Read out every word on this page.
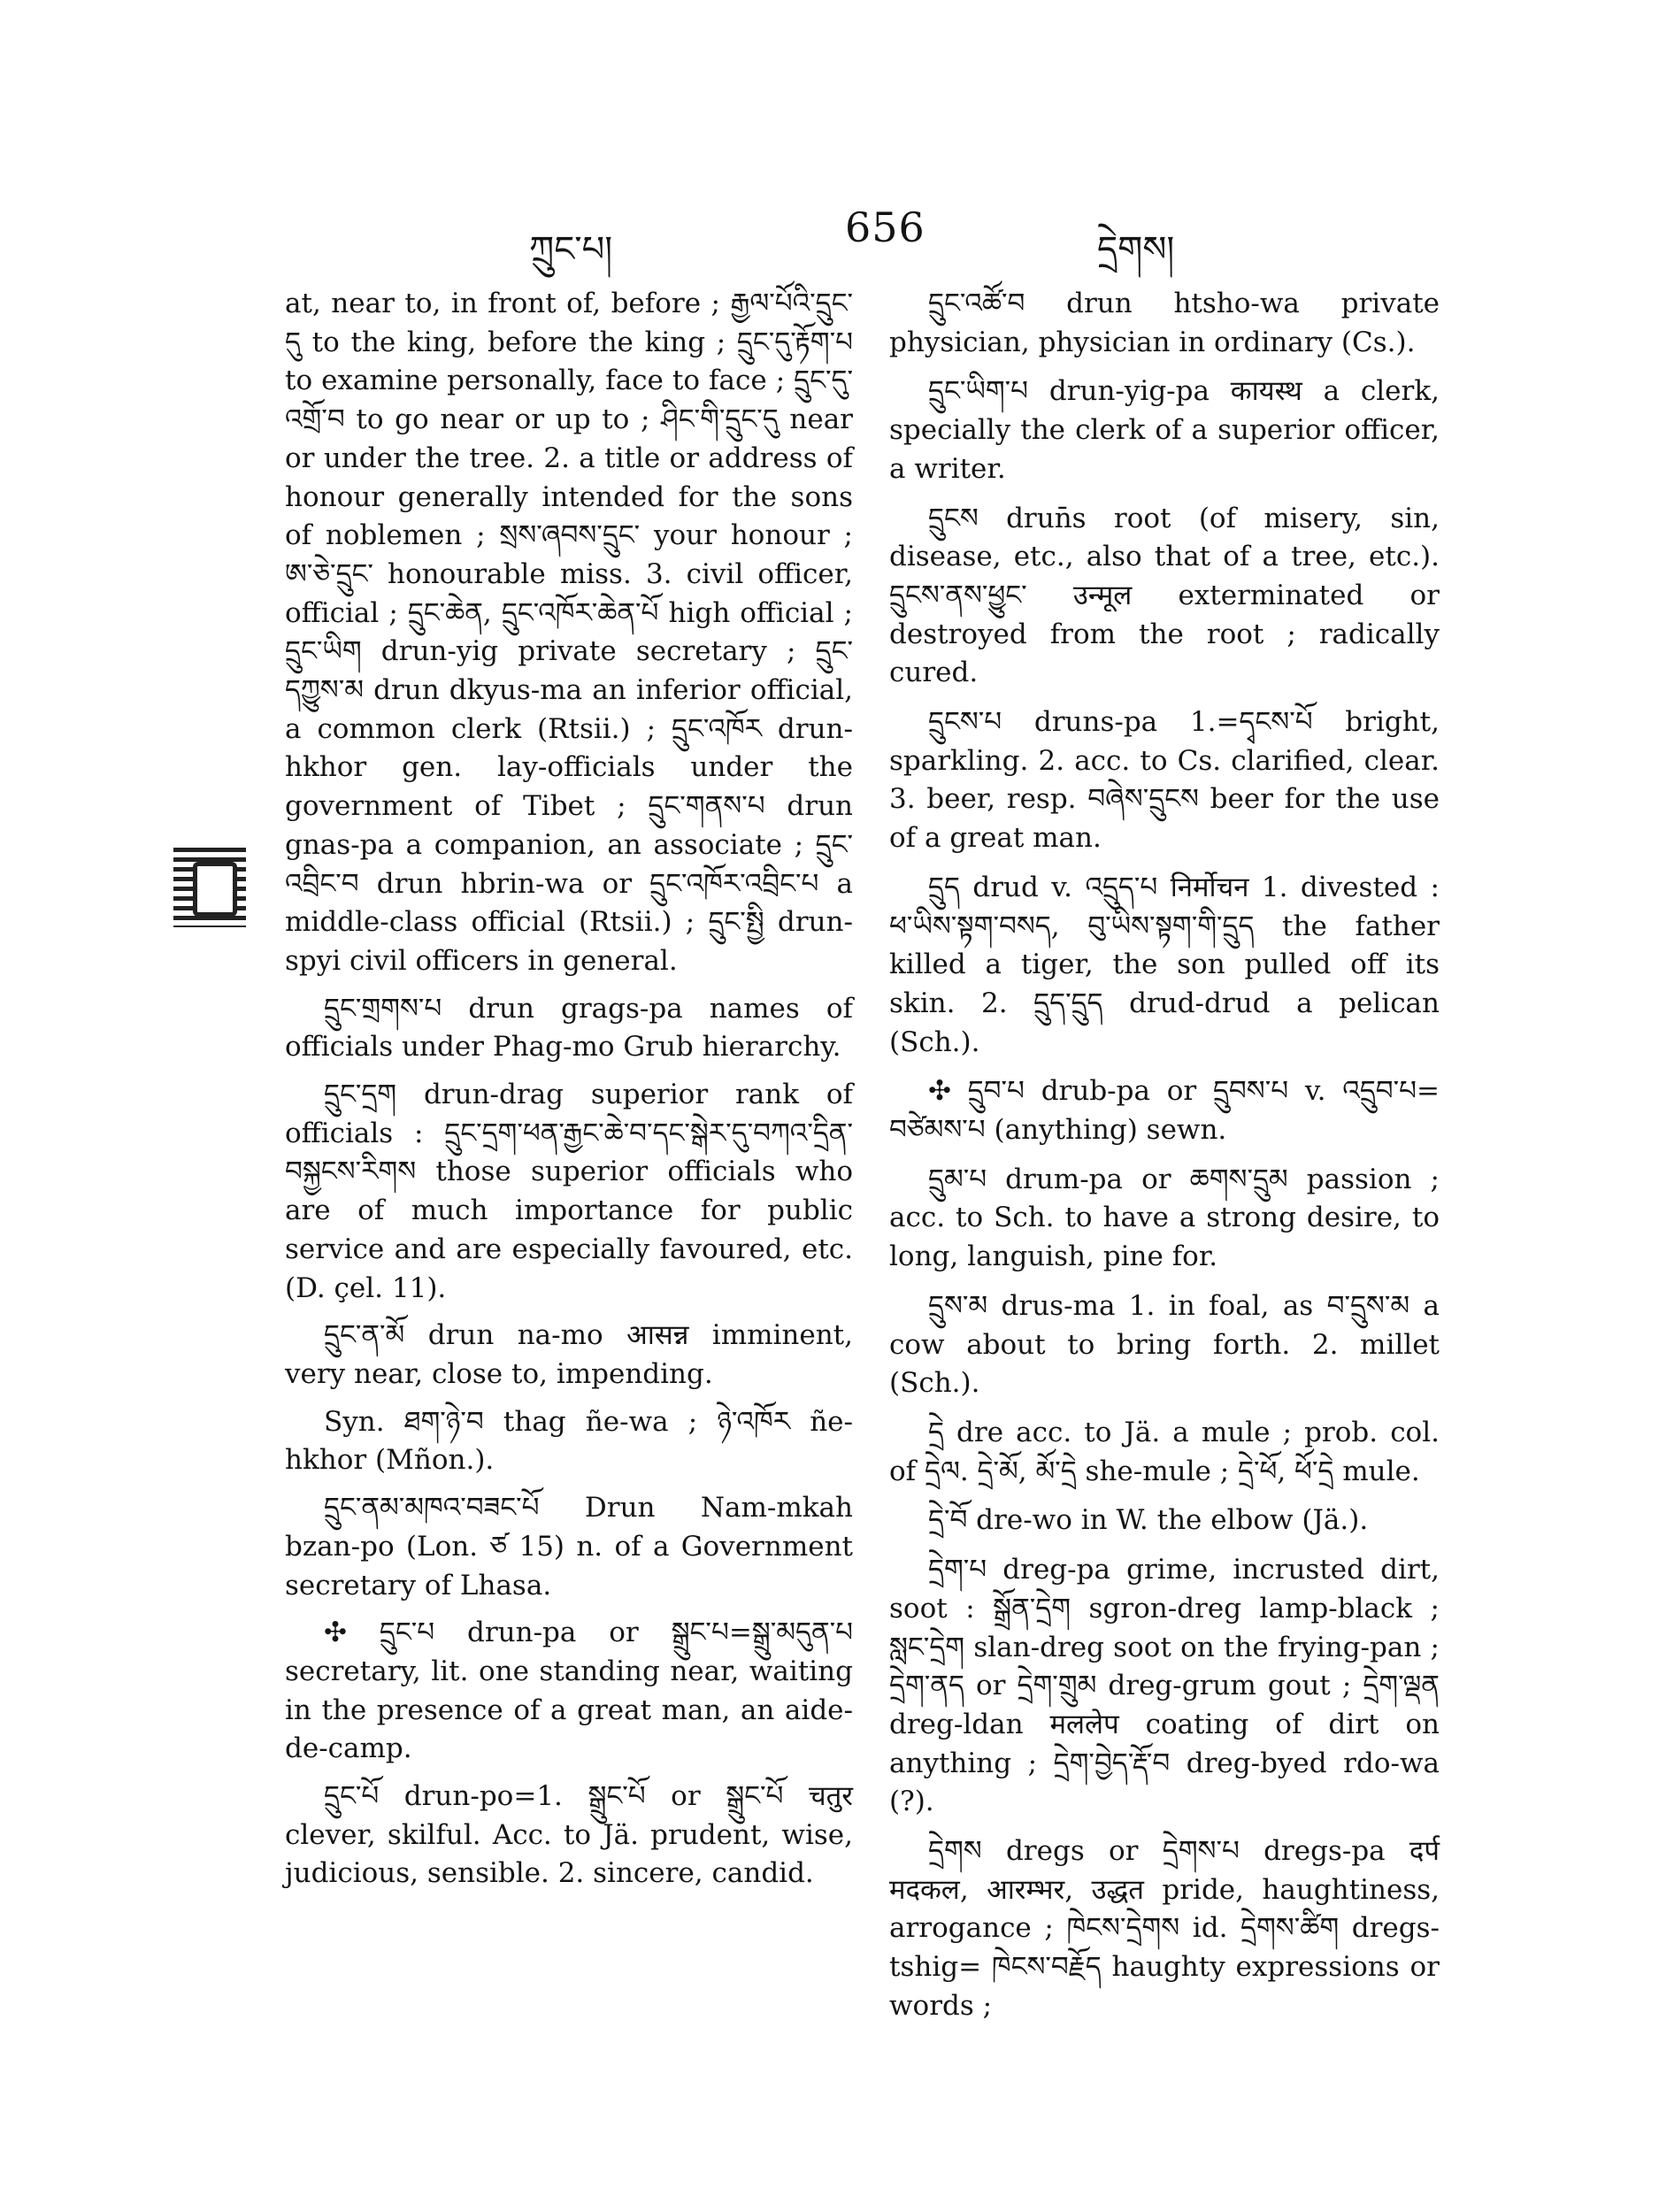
ཀྲུང་པ།	656	དྲེགས།

at, near to, in front of, before ; རྒྱལ་པོའི་དྲུང་དུ to the king, before the king ; དྲུང་དུ་རྟོག་པ to examine personally, face to face ; དྲུང་དུ་འགྲོ་བ to go near or up to ; ཤིང་གི་དྲུང་དུ near or under the tree. 2. a title or address of honour generally intended for the sons of noblemen ; སྲས་ཞབས་དྲུང་ your honour ; ཨ་ཅེ་དྲུང་ honourable miss. 3. civil officer, official ; དྲུང་ཆེན, དྲུང་འཁོར་ཆེན་པོ high official ; དྲུང་ཡིག drun-yig private secretary ; དྲུང་དཀྱུས་མ drun dkyus-ma an inferior official, a common clerk (Rtsii.) ; དྲུང་འཁོར drun-hkhor gen. lay-officials under the government of Tibet ; དྲུང་གནས་པ drun gnas-pa a companion, an associate ; དྲུང་འབྲིང་བ drun hbrin-wa or དྲུང་འཁོར་འབྲིང་པ a middle-class official (Rtsii.) ; དྲུང་སྤྱི drun-spyi civil officers in general.

དྲུང་གྲགས་པ drun grags-pa names of officials under Phag-mo Grub hierarchy.

དྲུང་དྲག drun-drag superior rank of officials : དྲུང་དྲག་ཕན་རྒྱང་ཆེ་བ་དང་སྒེར་དུ་བཀའ་དྲིན་བསྐྱངས་རིགས those superior officials who are of much importance for public service and are especially favoured, etc. (D. çel. 11).

དྲུང་ན་མོ drun na-mo आसन्न imminent, very near, close to, impending.

Syn. ཐག་ཉེ་བ thag ñe-wa ; ཉེ་འཁོར ñe-hkhor (Mñon.).

དྲུང་ནམ་མཁའ་བཟང་པོ Drun Nam-mkah bzan-po (Lon. ཙ 15) n. of a Government secretary of Lhasa.

✣ དྲུང་པ drun-pa or སྒྲུང་པ=སྒྲུ་མདུན་པ secretary, lit. one standing near, waiting in the presence of a great man, an aide-de-camp.

དྲུང་པོ drun-po=1. སྒྲུང་པོ or སྒྲུང་པོ चतुर clever, skilful. Acc. to Jä. prudent, wise, judicious, sensible. 2. sincere, candid.

དྲུང་འཚོ་བ drun htsho-wa private physician, physician in ordinary (Cs.).

དྲུང་ཡིག་པ drun-yig-pa कायस्थ a clerk, specially the clerk of a superior officer, a writer.

དྲུངས drun̄s root (of misery, sin, disease, etc., also that of a tree, etc.). དྲུངས་ནས་ཕྱུང་ उन्मूल exterminated or destroyed from the root ; radically cured.

དྲུངས་པ druns-pa 1.=དྭངས་པོ bright, sparkling. 2. acc. to Cs. clarified, clear. 3. beer, resp. བཞེས་དྲུངས beer for the use of a great man.

དྲུད drud v. འདྲུད་པ निर्मोचन 1. divested : ཕ་ཡིས་སྟག་བསད, བུ་ཡིས་སྟག་གི་དྲུད the father killed a tiger, the son pulled off its skin. 2. དྲུད་དྲུད drud-drud a pelican (Sch.).

✣ དྲུབ་པ drub-pa or དྲུབས་པ v. འདྲུབ་པ= བཙེམས་པ (anything) sewn.

དྲུམ་པ drum-pa or ཆགས་དྲུམ passion ; acc. to Sch. to have a strong desire, to long, languish, pine for.

དྲུས་མ drus-ma 1. in foal, as བ་དྲུས་མ a cow about to bring forth. 2. millet (Sch.).

དྲེ dre acc. to Jä. a mule ; prob. col. of དྲེལ. དྲེ་མོ, མོ་དྲེ she-mule ; དྲེ་ཕོ, ཕོ་དྲེ mule.

དྲེ་བོ dre-wo in W. the elbow (Jä.).

དྲེག་པ dreg-pa grime, incrusted dirt, soot : སྒྲོན་དྲེག sgron-dreg lamp-black ; སླང་དྲེག slan-dreg soot on the frying-pan ; དྲེག་ནད or དྲེག་གྲུམ dreg-grum gout ; དྲེག་ལྡན dreg-ldan मललेप coating of dirt on anything ; དྲེག་བྱེད་རྡོ་བ dreg-byed rdo-wa (?).

དྲེགས dregs or དྲེགས་པ dregs-pa दर्प मदकल, आरम्भर, उद्धत pride, haughtiness, arrogance ; ཁེངས་དྲེགས id. དྲེགས་ཚིག dregs-tshig= ཁེངས་བརྗོད haughty expressions or words ;
